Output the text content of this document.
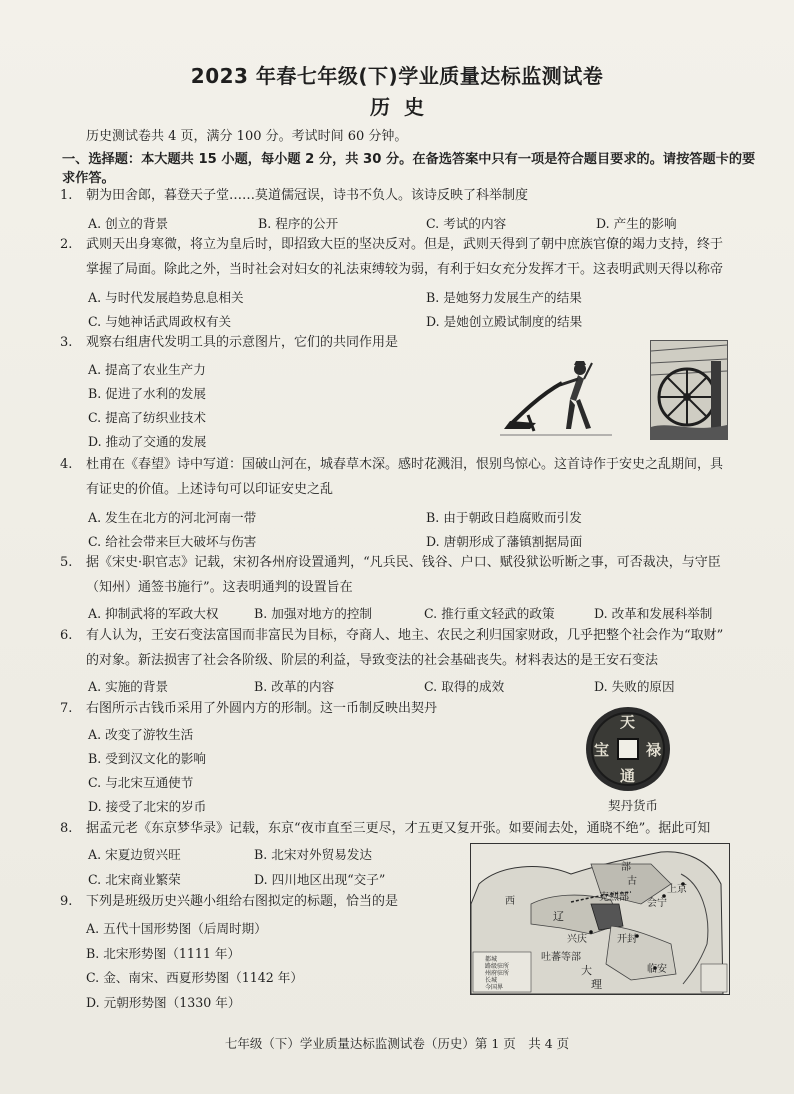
2023 年春七年级(下)学业质量达标监测试卷
历史
历史测试卷共 4 页，满分 100 分。考试时间 60 分钟。
一、选择题：本大题共 15 小题，每小题 2 分，共 30 分。在备选答案中只有一项是符合题目要求的。请按答题卡的要求作答。
1.	朝为田舍郎，暮登天子堂……莫道儒冠误，诗书不负人。该诗反映了科举制度
A. 创立的背景	B. 程序的公开	C. 考试的内容	D. 产生的影响
2.	武则天出身寒微，将立为皇后时，即招致大臣的坚决反对。但是，武则天得到了朝中庶族官僚的竭力支持，终于
掌握了局面。除此之外，当时社会对妇女的礼法束缚较为弱，有利于妇女充分发挥才干。这表明武则天得以称帝
A. 与时代发展趋势息息相关	B. 是她努力发展生产的结果
C. 与她神话武周政权有关	D. 是她创立殿试制度的结果
3.	观察右组唐代发明工具的示意图片，它们的共同作用是
A. 提高了农业生产力
B. 促进了水利的发展
C. 提高了纺织业技术
D. 推动了交通的发展
4.	杜甫在《春望》诗中写道：国破山河在，城春草木深。感时花溅泪，恨别鸟惊心。这首诗作于安史之乱期间，具
有证史的价值。上述诗句可以印证安史之乱
A. 发生在北方的河北河南一带	B. 由于朝政日趋腐败而引发
C. 给社会带来巨大破坏与伤害	D. 唐朝形成了藩镇割据局面
5.	据《宋史·职官志》记载，宋初各州府设置通判，“凡兵民、钱谷、户口、赋役狱讼听断之事，可否裁决，与守臣
（知州）通签书施行”。这表明通判的设置旨在
A. 抑制武将的军政大权	B. 加强对地方的控制	C. 推行重文轻武的政策	D. 改革和发展科举制
6.	有人认为，王安石变法富国而非富民为目标，夺商人、地主、农民之利归国家财政，几乎把整个社会作为“取财”
的对象。新法损害了社会各阶级、阶层的利益，导致变法的社会基础丧失。材料表达的是王安石变法
A. 实施的背景	B. 改革的内容	C. 取得的成效	D. 失败的原因
7.	右图所示古钱币采用了外圆内方的形制。这一币制反映出契丹
A. 改变了游牧生活
B. 受到汉文化的影响
C. 与北宋互通使节
D. 接受了北宋的岁币
天
禄
通
宝
契丹货币
8.	据孟元老《东京梦华录》记载，东京“夜市直至三更尽，才五更又复开张。如要闹去处，通晓不绝”。据此可知
A. 宋夏边贸兴旺	B. 北宋对外贸易发达
C. 北宋商业繁荣	D. 四川地区出现“交子”
9.	下列是班级历史兴趣小组给右图拟定的标题，恰当的是
A. 五代十国形势图（后周时期）
B. 北宋形势图（1111 年）
C. 金、南宋、西夏形势图（1142 年）
D. 元朝形势图（1330 年）
部
古
上京
克烈部
会宁
西
辽
兴庆	开封
吐蕃等部
临安
大
理
都城
路级驻所
州府驻所
长城
今国界
七年级（下）学业质量达标监测试卷（历史）第 1 页　共 4 页
